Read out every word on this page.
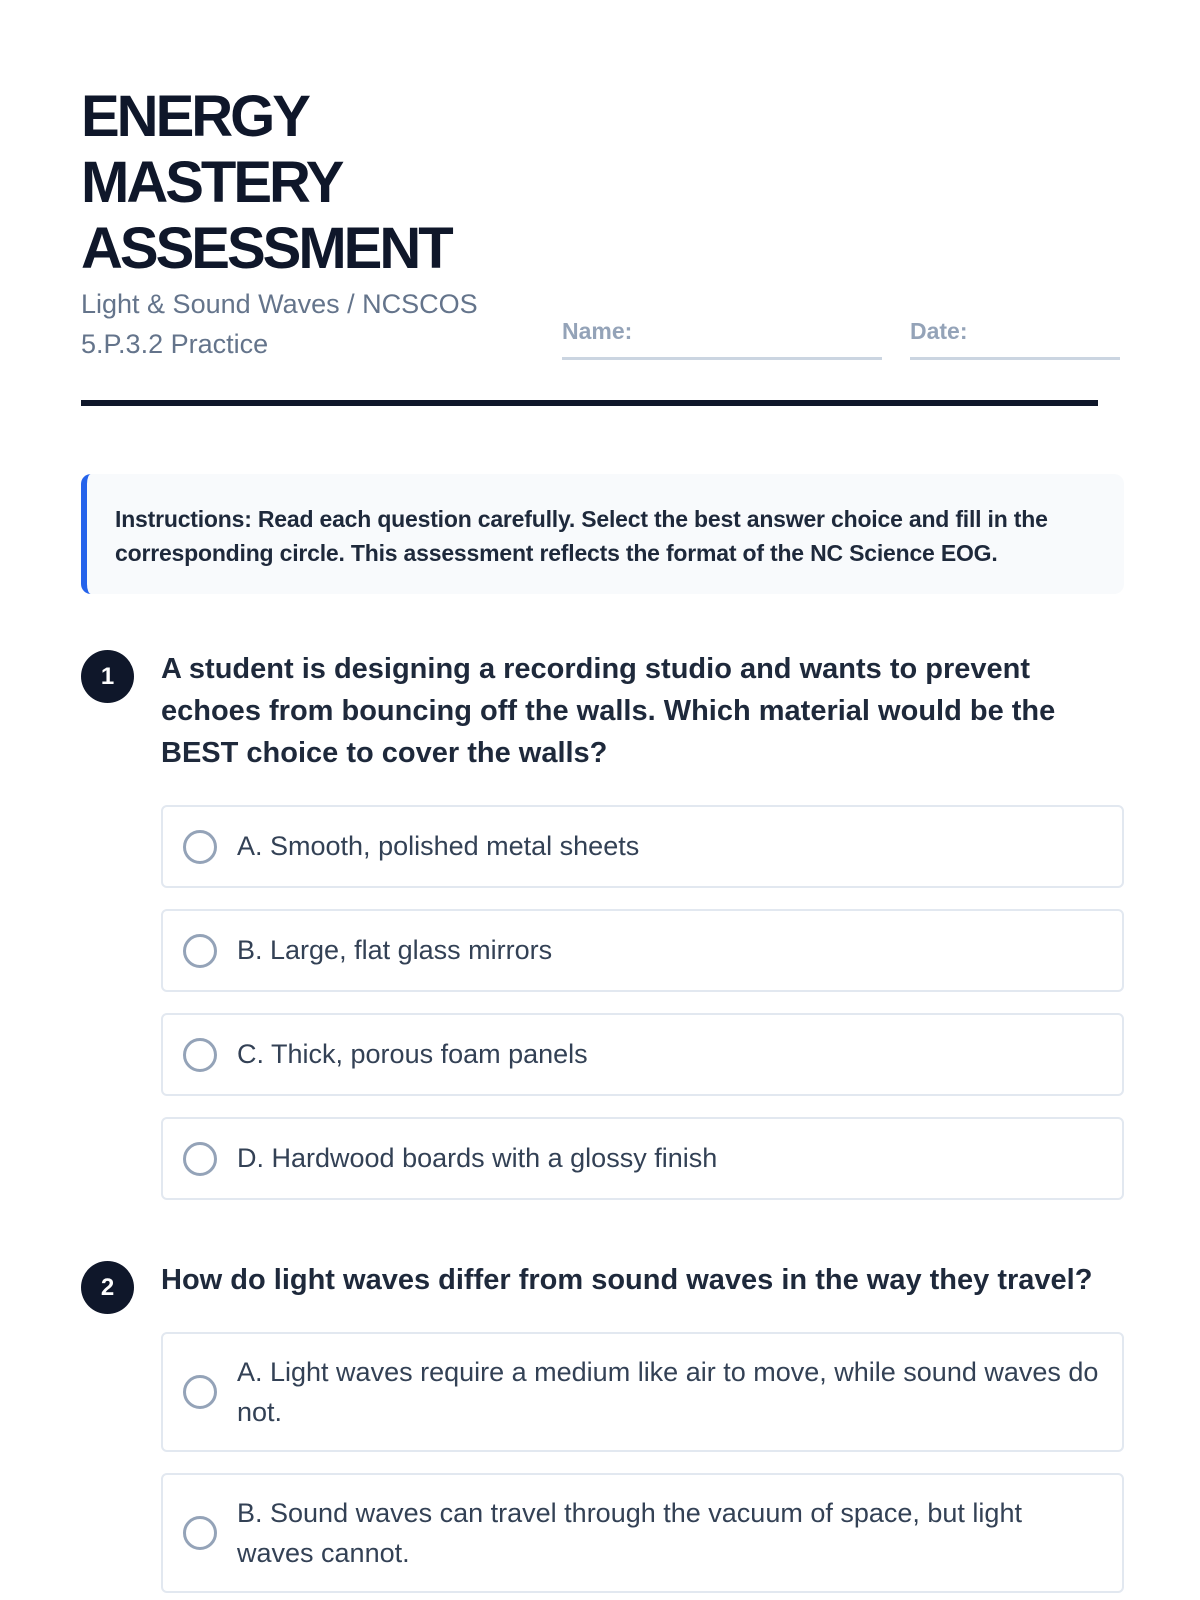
ENERGY
MASTERY
ASSESSMENT
Light & Sound Waves / NCSCOS 5.P.3.2 Practice	Name:	Date:
Instructions: Read each question carefully. Select the best answer choice and fill in the corresponding circle. This assessment reflects the format of the NC Science EOG.
1	A student is designing a recording studio and wants to prevent echoes from bouncing off the walls. Which material would be the BEST choice to cover the walls?
A. Smooth, polished metal sheets
B. Large, flat glass mirrors
C. Thick, porous foam panels
D. Hardwood boards with a glossy finish
2	How do light waves differ from sound waves in the way they travel?
A. Light waves require a medium like air to move, while sound waves do not.
B. Sound waves can travel through the vacuum of space, but light waves cannot.
